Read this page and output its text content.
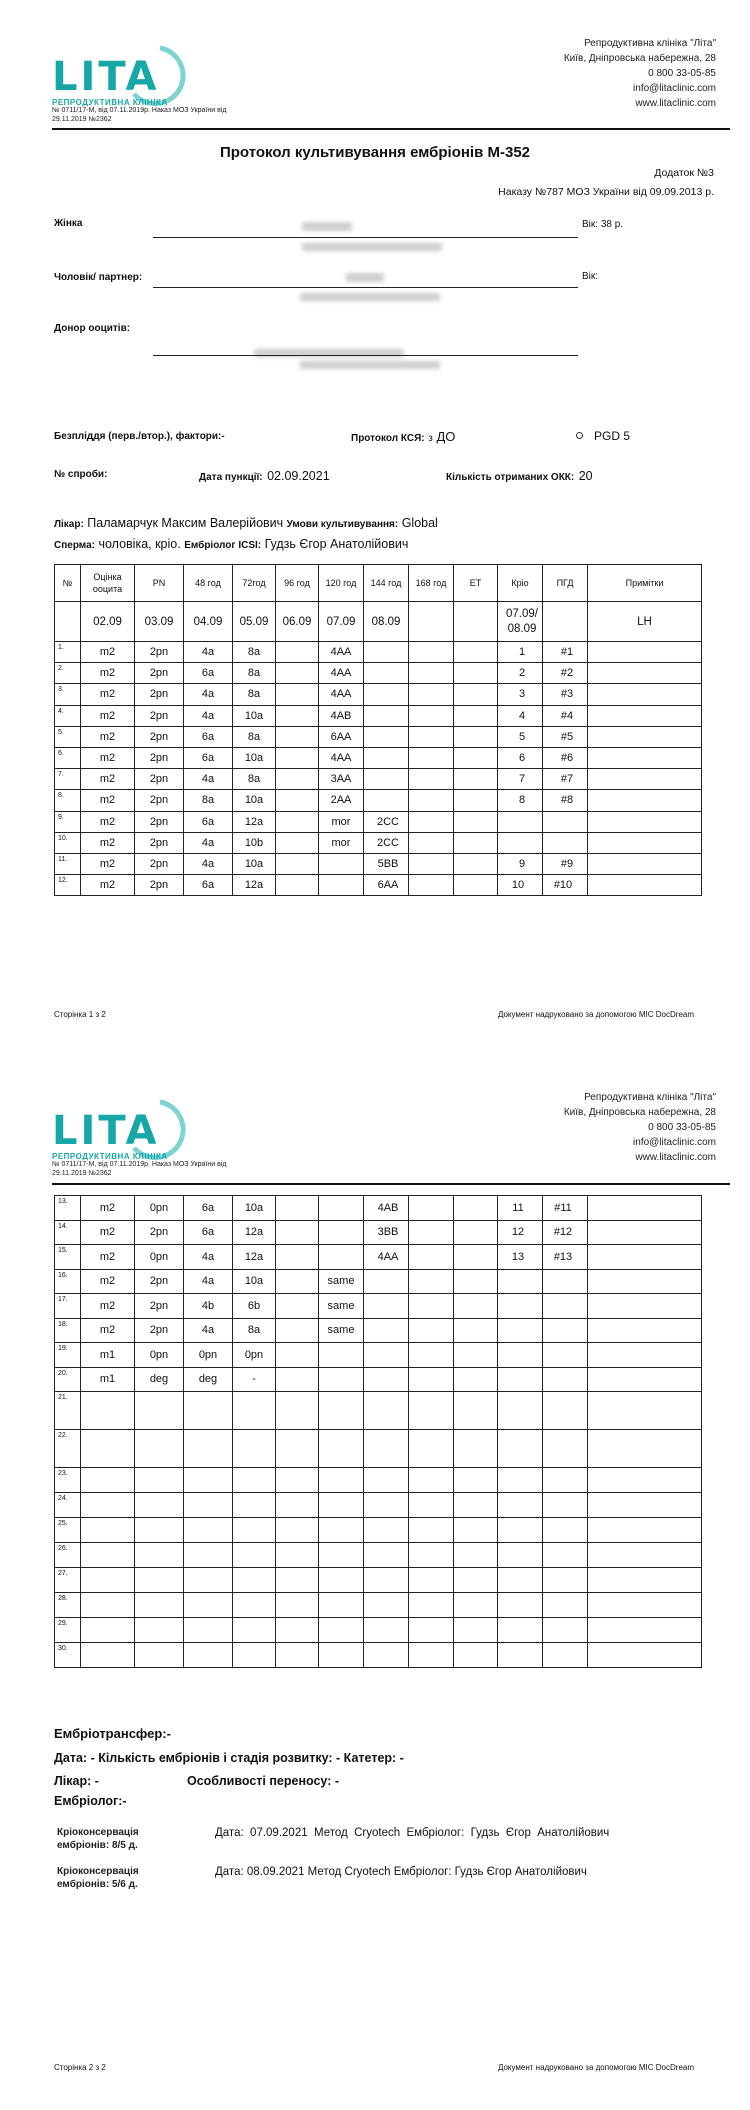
LITA
РЕПРОДУКТИВНА КЛІНІКА
№ 0711/17-М, від 07.11.2019р. Наказ МОЗ України від
29.11.2019 №2362
Репродуктивна клініка "Літа"
Київ, Дніпровська набережна, 28
0 800 33-05-85
info@litaclinic.com
www.litaclinic.com
Протокол культивування ембріонів М-352
Додаток №3
Наказу №787 МОЗ України від 09.09.2013 р.
Жінка	Вік: 38 р.
Чоловік/ партнер:	Вік:
Донор ооцитів:
Безпліддя (перв./втор.), фактори:-	Протокол КСЯ: з ДО	PGD 5
№ спроби:	Дата пункції: 02.09.2021	Кількість отриманих ОКК: 20
Лікар: Паламарчук Максим Валерійович Умови культивування: Global
Сперма: чоловіка, кріо. Ембріолог ICSI: Гудзь Єгор Анатолійович
№	Оцінка ооцита	PN	48 год	72год	96 год	120 год	144 год	168 год	ET	Кріо	ПГД	Примітки
	02.09	03.09	04.09	05.09	06.09	07.09	08.09			07.09/
08.09		LH
1.	m2	2pn	4a	8a		4AA				1	#1	
2.	m2	2pn	6a	8a		4AA				2	#2	
3.	m2	2pn	4a	8a		4AA				3	#3	
4.	m2	2pn	4a	10a		4AB				4	#4	
5.	m2	2pn	6a	8a		6AA				5	#5	
6.	m2	2pn	6a	10a		4AA				6	#6	
7.	m2	2pn	4a	8a		3AA				7	#7	
8.	m2	2pn	8a	10a		2AA				8	#8	
9.	m2	2pn	6a	12a		mor	2CC					
10.	m2	2pn	4a	10b		mor	2CC					
11.	m2	2pn	4a	10a			5BB			9	#9	
12.	m2	2pn	6a	12a			6AA			10	#10	
Сторінка 1 з 2	Документ надруковано за допомогою MIC DocDream
LITA
РЕПРОДУКТИВНА КЛІНІКА
№ 0711/17-М, від 07.11.2019р. Наказ МОЗ України від
29.11.2019 №2362
Репродуктивна клініка "Літа"
Київ, Дніпровська набережна, 28
0 800 33-05-85
info@litaclinic.com
www.litaclinic.com
13.	m2	0pn	6a	10a			4AB			11	#11	
14.	m2	2pn	6a	12a			3BB			12	#12	
15.	m2	0pn	4a	12a			4AA			13	#13	
16.	m2	2pn	4a	10a		same						
17.	m2	2pn	4b	6b		same						
18.	m2	2pn	4a	8a		same						
19.	m1	0pn	0pn	0pn								
20.	m1	deg	deg	-								
21.												
22.												
23.												
24.												
25.												
26.												
27.												
28.												
29.												
30.												
Ембріотрансфер:-
Дата: - Кількість ембріонів і стадія розвитку: - Катетер: -
Лікар: -	Особливості переносу: -
Ембріолог:-
Кріоконсервація
ембріонів: 8/5 д.
Дата:  07.09.2021  Метод  Cryotech  Ембріолог:  Гудзь  Єгор  Анатолійович
Кріоконсервація
ембріонів: 5/6 д.
Дата: 08.09.2021 Метод Cryotech Ембріолог: Гудзь Єгор Анатолійович
Сторінка 2 з 2	Документ надруковано за допомогою MIC DocDream
